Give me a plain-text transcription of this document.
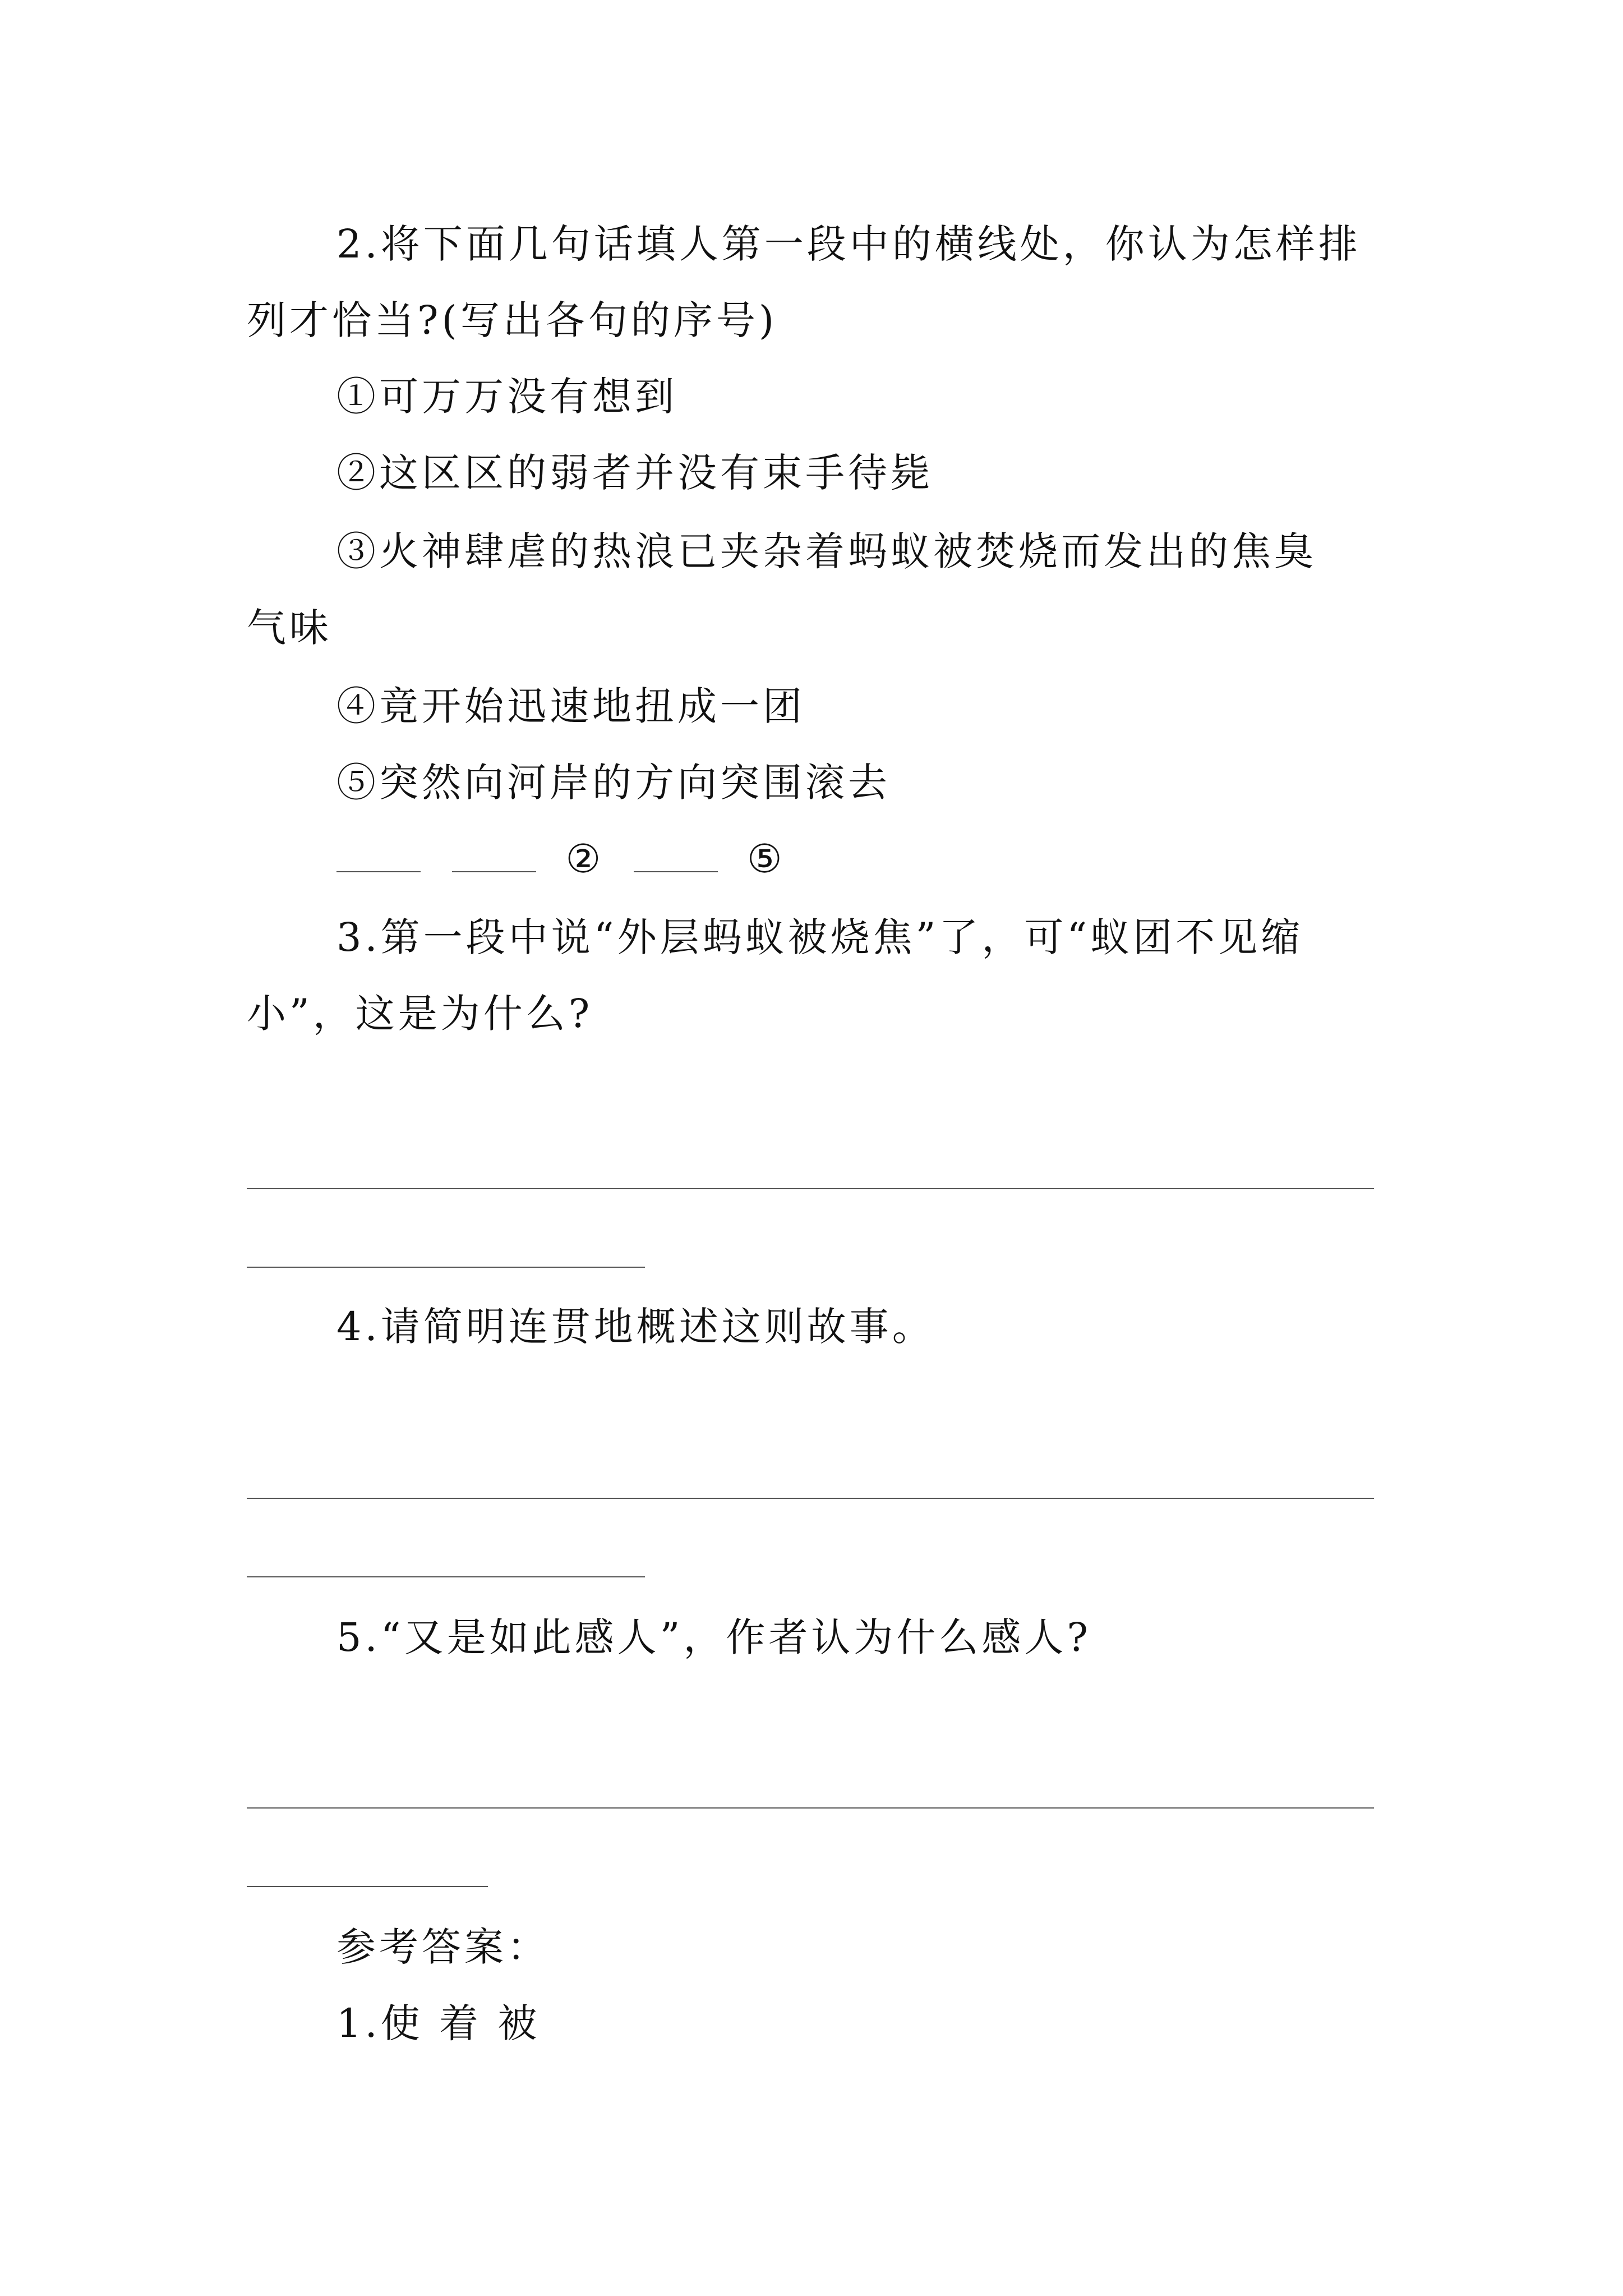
2.将下面几句话填人第一段中的横线处，你认为怎样排
列才恰当?(写出各句的序号)
①可万万没有想到
②这区区的弱者并没有束手待毙
③火神肆虐的热浪已夹杂着蚂蚁被焚烧而发出的焦臭
气味
④竟开始迅速地扭成一团
⑤突然向河岸的方向突围滚去
②	⑤
3.第一段中说“外层蚂蚁被烧焦”了，可“蚁团不见缩
小”，这是为什么?
4.请简明连贯地概述这则故事。
5.“又是如此感人”，作者认为什么感人?
参考答案：
1.使 着 被
